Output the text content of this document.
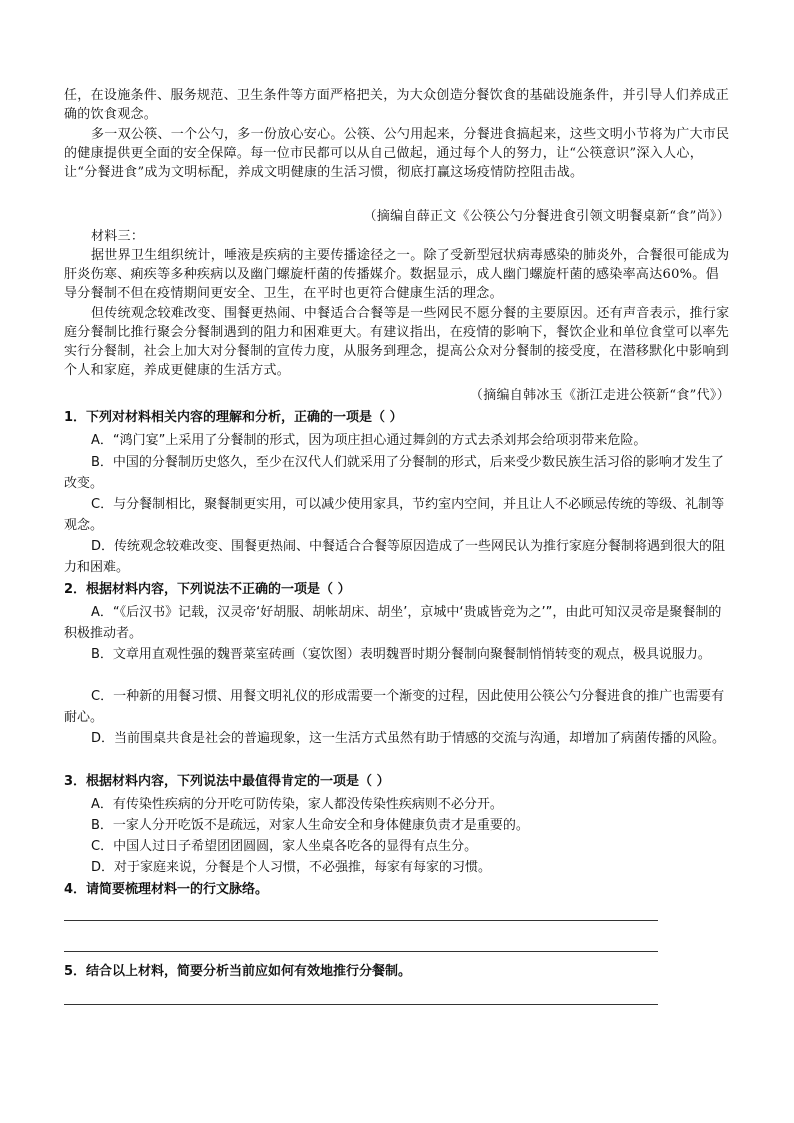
任，在设施条件、服务规范、卫生条件等方面严格把关，为大众创造分餐饮食的基础设施条件，并引导人们养成正确的饮食观念。

多一双公筷、一个公勺，多一份放心安心。公筷、公勺用起来，分餐进食搞起来，这些文明小节将为广大市民的健康提供更全面的安全保障。每一位市民都可以从自己做起，通过每个人的努力，让“公筷意识”深入人心，让“分餐进食”成为文明标配，养成文明健康的生活习惯，彻底打赢这场疫情防控阻击战。

（摘编自薛正文《公筷公勺分餐进食引领文明餐桌新“食”尚》）

材料三：

据世界卫生组织统计，唾液是疾病的主要传播途径之一。除了受新型冠状病毒感染的肺炎外，合餐很可能成为肝炎伤寒、痢疾等多种疾病以及幽门螺旋杆菌的传播媒介。数据显示，成人幽门螺旋杆菌的感染率高达60%。倡导分餐制不但在疫情期间更安全、卫生，在平时也更符合健康生活的理念。

但传统观念较难改变、围餐更热闹、中餐适合合餐等是一些网民不愿分餐的主要原因。还有声音表示，推行家庭分餐制比推行聚会分餐制遇到的阻力和困难更大。有建议指出，在疫情的影响下，餐饮企业和单位食堂可以率先实行分餐制，社会上加大对分餐制的宣传力度，从服务到理念，提高公众对分餐制的接受度，在潜移默化中影响到个人和家庭，养成更健康的生活方式。

（摘编自韩冰玉《浙江走进公筷新“食”代》）

1．下列对材料相关内容的理解和分析，正确的一项是（ ）

A．“鸿门宴”上采用了分餐制的形式，因为项庄担心通过舞剑的方式去杀刘邦会给项羽带来危险。

B．中国的分餐制历史悠久，至少在汉代人们就采用了分餐制的形式，后来受少数民族生活习俗的影响才发生了改变。

C．与分餐制相比，聚餐制更实用，可以减少使用家具，节约室内空间，并且让人不必顾忌传统的等级、礼制等观念。

D．传统观念较难改变、围餐更热闹、中餐适合合餐等原因造成了一些网民认为推行家庭分餐制将遇到很大的阻力和困难。

2．根据材料内容，下列说法不正确的一项是（ ）

A．“《后汉书》记载，汉灵帝‘好胡服、胡帐胡床、胡坐’，京城中‘贵戚皆竞为之’”，由此可知汉灵帝是聚餐制的积极推动者。

B．文章用直观性强的魏晋菜室砖画（宴饮图）表明魏晋时期分餐制向聚餐制悄悄转变的观点，极具说服力。

C．一种新的用餐习惯、用餐文明礼仪的形成需要一个渐变的过程，因此使用公筷公勺分餐进食的推广也需要有耐心。

D．当前围桌共食是社会的普遍现象，这一生活方式虽然有助于情感的交流与沟通，却增加了病菌传播的风险。

3．根据材料内容，下列说法中最值得肯定的一项是（ ）

A．有传染性疾病的分开吃可防传染，家人都没传染性疾病则不必分开。

B．一家人分开吃饭不是疏远，对家人生命安全和身体健康负责才是重要的。

C．中国人过日子希望团团圆圆，家人坐桌各吃各的显得有点生分。

D．对于家庭来说，分餐是个人习惯，不必强推，每家有每家的习惯。

4．请简要梳理材料一的行文脉络。

5．结合以上材料，简要分析当前应如何有效地推行分餐制。
